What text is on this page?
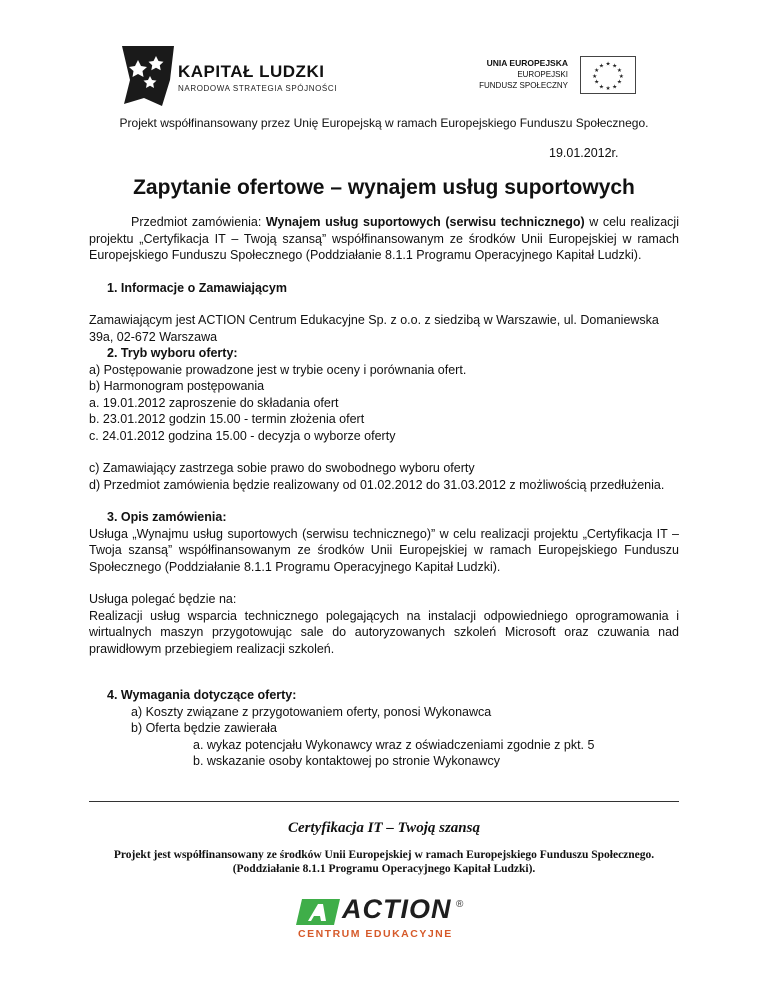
KAPITAŁ LUDZKI
NARODOWA STRATEGIA SPÓJNOŚCI
UNIA EUROPEJSKA
EUROPEJSKI
FUNDUSZ SPOŁECZNY
★ ★
★
★
★
★
★
★
★
★
★
★
Projekt współfinansowany przez Unię Europejską w ramach Europejskiego Funduszu Społecznego.
19.01.2012r.
Zapytanie ofertowe – wynajem usług suportowych

Przedmiot zamówienia: Wynajem usług suportowych (serwisu technicznego) w celu realizacji projektu „Certyfikacja IT – Twoją szansą” współfinansowanym ze środków Unii Europejskiej w ramach Europejskiego Funduszu Społecznego (Poddziałanie 8.1.1 Programu Operacyjnego Kapitał Ludzki).

1. Informacje o Zamawiającym

Zamawiającym jest ACTION Centrum Edukacyjne Sp. z o.o. z siedzibą w Warszawie, ul. Domaniewska 39a, 02-672 Warszawa

2. Tryb wyboru oferty:

a) Postępowanie prowadzone jest w trybie oceny i porównania ofert.

b) Harmonogram postępowania

a. 19.01.2012 zaproszenie do składania ofert

b. 23.01.2012 godzin 15.00 - termin złożenia ofert

c. 24.01.2012 godzina 15.00 - decyzja o wyborze oferty

c) Zamawiający zastrzega sobie prawo do swobodnego wyboru oferty

d) Przedmiot zamówienia będzie realizowany od 01.02.2012 do 31.03.2012 z możliwością przedłużenia.

3. Opis zamówienia:

Usługa „Wynajmu usług suportowych (serwisu technicznego)” w celu realizacji projektu „Certyfikacja IT – Twoja szansą” współfinansowanym ze środków Unii Europejskiej w ramach Europejskiego Funduszu Społecznego (Poddziałanie 8.1.1 Programu Operacyjnego Kapitał Ludzki).

Usługa polegać będzie na:

Realizacji usług wsparcia technicznego polegających na instalacji odpowiedniego oprogramowania i wirtualnych maszyn przygotowując sale do autoryzowanych szkoleń Microsoft oraz czuwania nad prawidłowym przebiegiem realizacji szkoleń.

4. Wymagania dotyczące oferty:

a) Koszty związane z przygotowaniem oferty, ponosi Wykonawca

b) Oferta będzie zawierała

a. wykaz potencjału Wykonawcy wraz z oświadczeniami zgodnie z pkt. 5

b. wskazanie osoby kontaktowej po stronie Wykonawcy

Certyfikacja IT – Twoją szansą
Projekt jest współfinansowany ze środków Unii Europejskiej w ramach Europejskiego Funduszu Społecznego.
(Poddziałanie 8.1.1 Programu Operacyjnego Kapitał Ludzki).
ACTION ®
CENTRUM EDUKACYJNE
